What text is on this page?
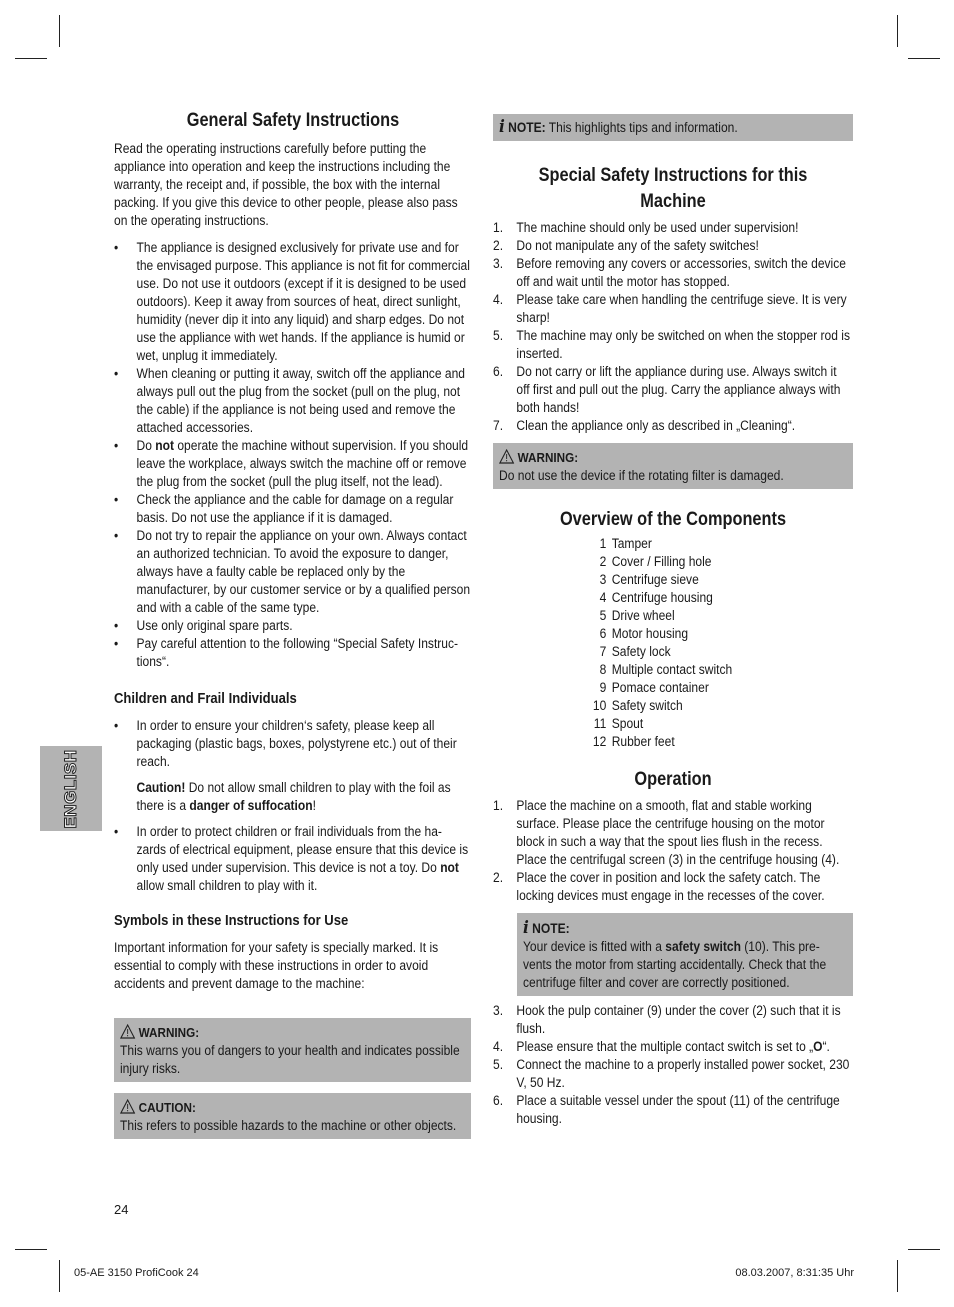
ENGLISH
General Safety Instructions

Read the operating instructions carefully before putting the appliance into operation and keep the instructions including the warranty, the receipt and, if possible, the box with the internal packing. If you give this device to other people, please also pass on the operating instructions.

• The appliance is designed exclusively for private use and for the envisaged purpose. This appliance is not fit for commercial use. Do not use it outdoors (except if it is designed to be used outdoors). Keep it away from sources of heat, direct sunlight, humidity (never dip it into any liquid) and sharp edges. Do not use the appliance with wet hands. If the appliance is humid or wet, unplug it immediately.
• When cleaning or putting it away, switch off the appliance and always pull out the plug from the socket (pull on the plug, not the cable) if the appliance is not being used and remove the attached accessories.
• Do not operate the machine without supervision. If you should leave the workplace, always switch the machine off or remove the plug from the socket (pull the plug itself, not the lead).
• Check the appliance and the cable for damage on a regular basis. Do not use the appliance if it is damaged.
• Do not try to repair the appliance on your own. Always contact an authorized technician. To avoid the exposure to danger, always have a faulty cable be replaced only by the manufacturer, by our customer service or by a qualified person and with a cable of the same type.
• Use only original spare parts.
• Pay careful attention to the following “Special Safety Instruc-tions“.
Children and Frail Individuals

• In order to ensure your children‘s safety, please keep all packaging (plastic bags, boxes, polystyrene etc.) out of their reach.

Caution! Do not allow small children to play with the foil as there is a danger of suffocation!

• In order to protect children or frail individuals from the ha-zards of electrical equipment, please ensure that this device is only used under supervision. This device is not a toy. Do not allow small children to play with it.
Symbols in these Instructions for Use

Important information for your safety is specially marked. It is essential to comply with these instructions in order to avoid accidents and prevent damage to the machine:

WARNING:

This warns you of dangers to your health and indicates possible injury risks.

CAUTION:

This refers to possible hazards to the machine or other objects.

i NOTE: This highlights tips and information.
Special Safety Instructions for this Machine
1. The machine should only be used under supervision!
2. Do not manipulate any of the safety switches!
3. Before removing any covers or accessories, switch the device off and wait until the motor has stopped.
4. Please take care when handling the centrifuge sieve. It is very sharp!
5. The machine may only be switched on when the stopper rod is inserted.
6. Do not carry or lift the appliance during use. Always switch it off first and pull out the plug. Carry the appliance always with both hands!
7. Clean the appliance only as described in „Cleaning“.
WARNING:

Do not use the device if the rotating filter is damaged.

Overview of the Components
1 Tamper
2 Cover / Filling hole
3 Centrifuge sieve
4 Centrifuge housing
5 Drive wheel
6 Motor housing
7 Safety lock
8 Multiple contact switch
9 Pomace container
10 Safety switch
11 Spout
12 Rubber feet
Operation
1. Place the machine on a smooth, flat and stable working surface. Please place the centrifuge housing on the motor block in such a way that the spout lies flush in the recess. Place the centrifugal screen (3) in the centrifuge housing (4).
2. Place the cover in position and lock the safety catch. The locking devices must engage in the recesses of the cover.
i NOTE:

Your device is fitted with a safety switch (10). This pre-vents the motor from starting accidentally. Check that the centrifuge filter and cover are correctly positioned.

3. Hook the pulp container (9) under the cover (2) such that it is flush.
4. Please ensure that the multiple contact switch is set to „O“.
5. Connect the machine to a properly installed power socket, 230 V, 50 Hz.
6. Place a suitable vessel under the spout (11) of the centrifuge housing.
24
05-AE 3150 ProfiCook 24	08.03.2007, 8:31:35 Uhr
